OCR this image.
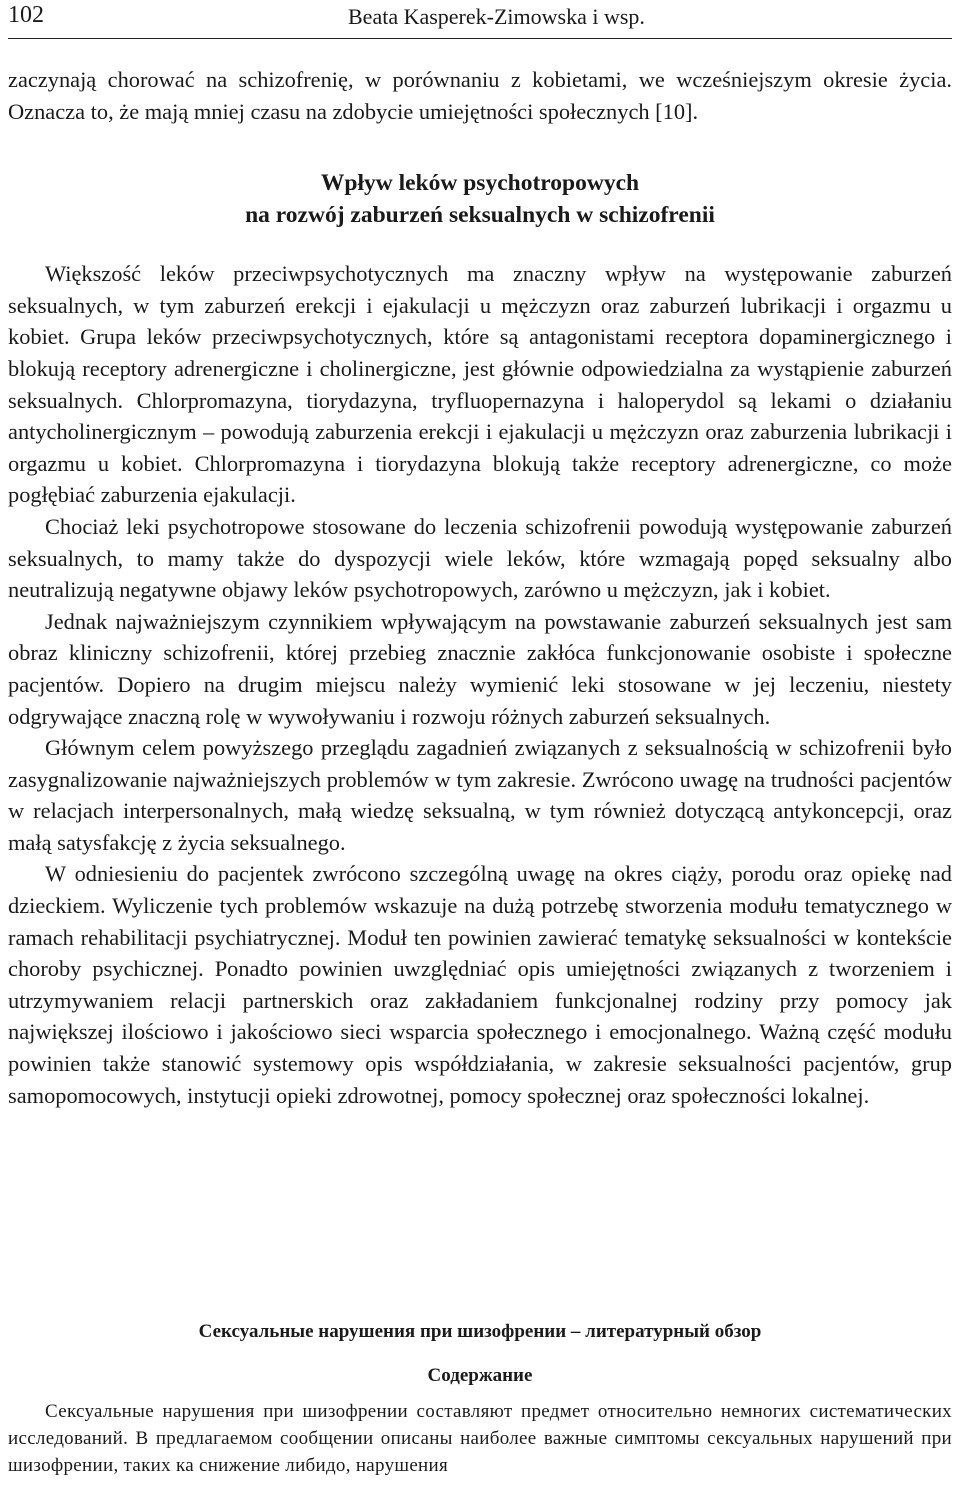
102	Beata Kasperek-Zimowska i wsp.

zaczynają chorować na schizofrenię, w porównaniu z kobietami, we wcześniejszym okresie życia. Oznacza to, że mają mniej czasu na zdobycie umiejętności społecznych [10].

Wpływ leków psychotropowych
na rozwój zaburzeń seksualnych w schizofrenii

Większość leków przeciwpsychotycznych ma znaczny wpływ na występowanie zaburzeń seksualnych, w tym zaburzeń erekcji i ejakulacji u mężczyzn oraz zaburzeń lubrikacji i orgazmu u kobiet. Grupa leków przeciwpsychotycznych, które są antagonistami receptora dopaminergicznego i blokują receptory adrenergiczne i cholinergiczne, jest głównie odpowiedzialna za wystąpienie zaburzeń seksualnych. Chlorpromazyna, tiorydazyna, tryfluopernazyna i haloperydol są lekami o działaniu antycholinergicznym – powodują zaburzenia erekcji i ejakulacji u mężczyzn oraz zaburzenia lubrikacji i orgazmu u kobiet. Chlorpromazyna i tiorydazyna blokują także receptory adrenergiczne, co może pogłębiać zaburzenia ejakulacji.

Chociaż leki psychotropowe stosowane do leczenia schizofrenii powodują występowanie zaburzeń seksualnych, to mamy także do dyspozycji wiele leków, które wzmagają popęd seksualny albo neutralizują negatywne objawy leków psychotropowych, zarówno u mężczyzn, jak i kobiet.

Jednak najważniejszym czynnikiem wpływającym na powstawanie zaburzeń seksualnych jest sam obraz kliniczny schizofrenii, której przebieg znacznie zakłóca funkcjonowanie osobiste i społeczne pacjentów. Dopiero na drugim miejscu należy wymienić leki stosowane w jej leczeniu, niestety odgrywające znaczną rolę w wywoływaniu i rozwoju różnych zaburzeń seksualnych.

Głównym celem powyższego przeglądu zagadnień związanych z seksualnością w schizofrenii było zasygnalizowanie najważniejszych problemów w tym zakresie. Zwrócono uwagę na trudności pacjentów w relacjach interpersonalnych, małą wiedzę seksualną, w tym również dotyczącą antykoncepcji, oraz małą satysfakcję z życia seksualnego.

W odniesieniu do pacjentek zwrócono szczególną uwagę na okres ciąży, porodu oraz opiekę nad dzieckiem. Wyliczenie tych problemów wskazuje na dużą potrzebę stworzenia modułu tematycznego w ramach rehabilitacji psychiatrycznej. Moduł ten powinien zawierać tematykę seksualności w kontekście choroby psychicznej. Ponadto powinien uwzględniać opis umiejętności związanych z tworzeniem i utrzymywaniem relacji partnerskich oraz zakładaniem funkcjonalnej rodziny przy pomocy jak największej ilościowo i jakościowo sieci wsparcia społecznego i emocjonalnego. Ważną część modułu powinien także stanowić systemowy opis współdziałania, w zakresie seksualności pacjentów, grup samopomocowych, instytucji opieki zdrowotnej, pomocy społecznej oraz społeczności lokalnej.

Сексуальные нарушения при шизофрении – литературный обзор
Содержание

Сексуальные нарушения при шизофрении составляют предмет относительно немногих систематических исследований. В предлагаемом сообщении описаны наиболее важные симптомы сексуальных нарушений при шизофрении, таких ка снижение либидо, нарушения
